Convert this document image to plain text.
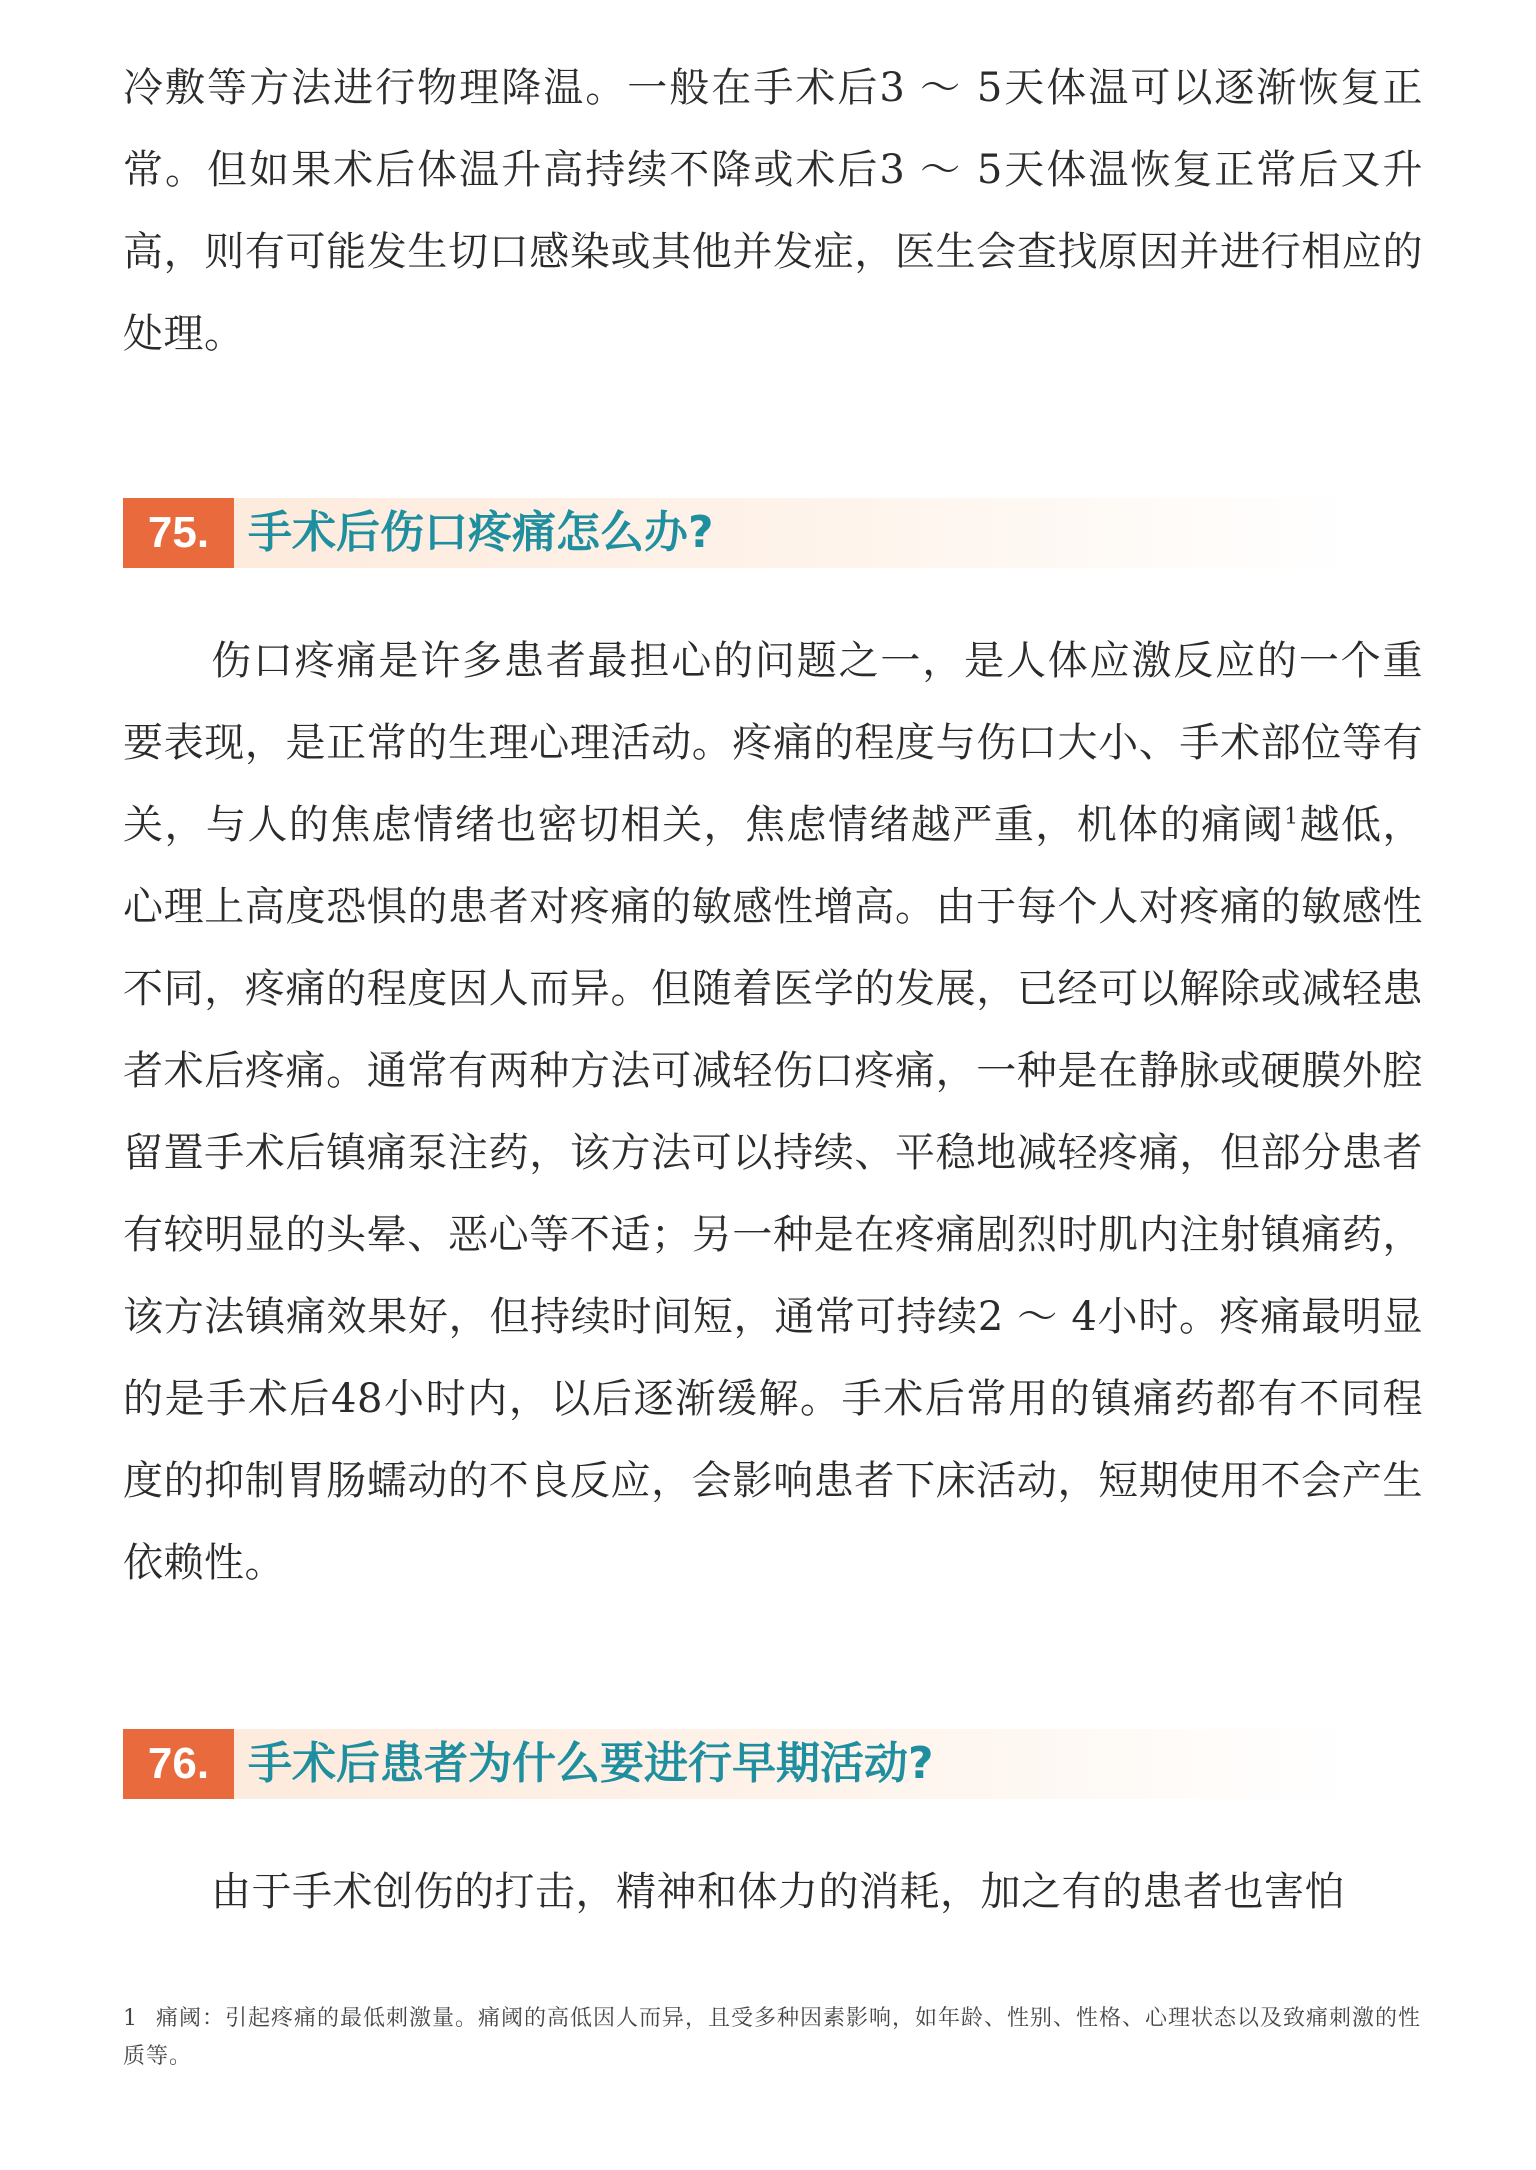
冷敷等方法进行物理降温。一般在手术后3 ～ 5天体温可以逐渐恢复正常。但如果术后体温升高持续不降或术后3 ～ 5天体温恢复正常后又升高，则有可能发生切口感染或其他并发症，医生会查找原因并进行相应的处理。

75. 手术后伤口疼痛怎么办?

伤口疼痛是许多患者最担心的问题之一，是人体应激反应的一个重要表现，是正常的生理心理活动。疼痛的程度与伤口大小、手术部位等有关，与人的焦虑情绪也密切相关，焦虑情绪越严重，机体的痛阈$^1$越低，心理上高度恐惧的患者对疼痛的敏感性增高。由于每个人对疼痛的敏感性不同，疼痛的程度因人而异。但随着医学的发展，已经可以解除或减轻患者术后疼痛。通常有两种方法可减轻伤口疼痛，一种是在静脉或硬膜外腔留置手术后镇痛泵注药，该方法可以持续、平稳地减轻疼痛，但部分患者有较明显的头晕、恶心等不适；另一种是在疼痛剧烈时肌内注射镇痛药，该方法镇痛效果好，但持续时间短，通常可持续2 ～ 4小时。疼痛最明显的是手术后48小时内，以后逐渐缓解。手术后常用的镇痛药都有不同程度的抑制胃肠蠕动的不良反应，会影响患者下床活动，短期使用不会产生依赖性。

76. 手术后患者为什么要进行早期活动?

由于手术创伤的打击，精神和体力的消耗，加之有的患者也害怕

1 痛阈：引起疼痛的最低刺激量。痛阈的高低因人而异，且受多种因素影响，如年龄、性别、性格、心理状态以及致痛刺激的性质等。
